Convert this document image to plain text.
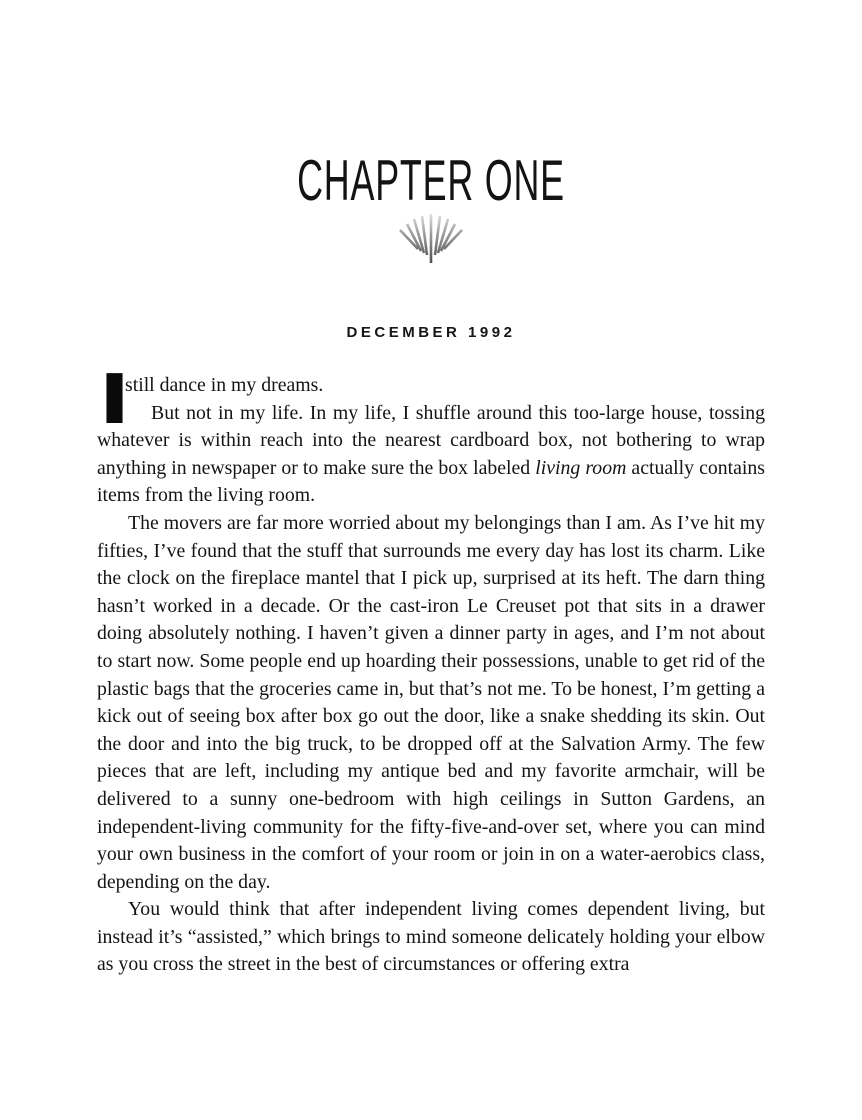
CHAPTER ONE
DECEMBER 1992
I

still dance in my dreams.

But not in my life. In my life, I shuffle around this too-large house, tossing whatever is within reach into the nearest cardboard box, not bothering to wrap anything in newspaper or to make sure the box labeled living room actually contains items from the living room.

The movers are far more worried about my belongings than I am. As I’ve hit my fifties, I’ve found that the stuff that surrounds me every day has lost its charm. Like the clock on the fireplace mantel that I pick up, surprised at its heft. The darn thing hasn’t worked in a decade. Or the cast-iron Le Creuset pot that sits in a drawer doing absolutely nothing. I haven’t given a dinner party in ages, and I’m not about to start now. Some people end up hoarding their possessions, unable to get rid of the plastic bags that the groceries came in, but that’s not me. To be honest, I’m getting a kick out of seeing box after box go out the door, like a snake shedding its skin. Out the door and into the big truck, to be dropped off at the Salvation Army. The few pieces that are left, including my antique bed and my favorite armchair, will be delivered to a sunny one-bedroom with high ceilings in Sutton Gardens, an independent-living community for the fifty-five-and-over set, where you can mind your own business in the comfort of your room or join in on a water-aerobics class, depending on the day.

You would think that after independent living comes dependent living, but instead it’s “assisted,” which brings to mind someone delicately holding your elbow as you cross the street in the best of circumstances or offering extra
